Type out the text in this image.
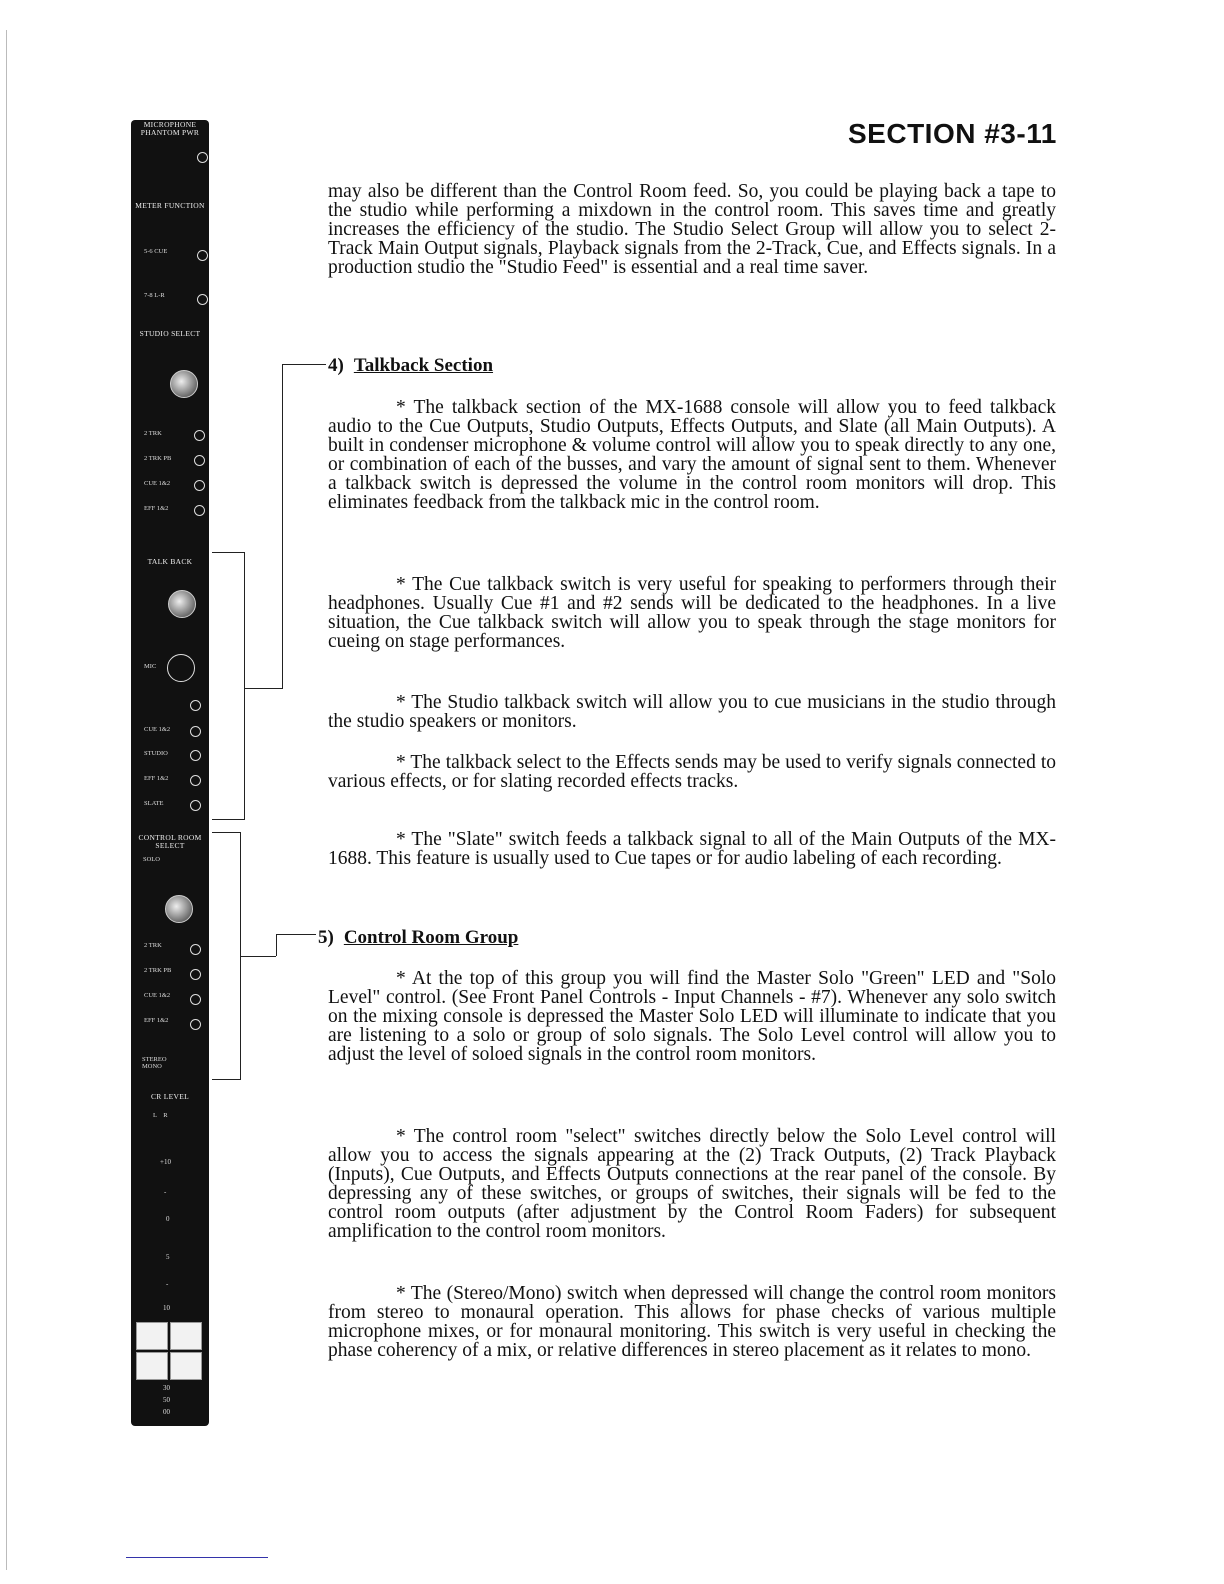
SECTION #3-11
MICROPHONE PHANTOM PWR
METER FUNCTION
5-6 CUE
7-8 L-R
STUDIO SELECT
2 TRK
2 TRK PB
CUE 1&2
EFF 1&2
TALK BACK
MIC
CUE 1&2
STUDIO
EFF 1&2
SLATE
CONTROL ROOM SELECT
SOLO
2 TRK
2 TRK PB
CUE 1&2
EFF 1&2
STEREO MONO
CR LEVEL
L    R
+10
-
0
5
-
10
30
50
00

may also be different than the Control Room feed. So, you could be playing back a tape to the studio while performing a mixdown in the control room. This saves time and greatly increases the efficiency of the studio. The Studio Select Group will allow you to select 2-Track Main Output signals, Playback signals from the 2-Track, Cue, and Effects signals. In a production studio the "Studio Feed" is essential and a real time saver.

4) Talkback Section

* The talkback section of the MX-1688 console will allow you to feed talkback audio to the Cue Outputs, Studio Outputs, Effects Outputs, and Slate (all Main Outputs). A built in condenser microphone & volume control will allow you to speak directly to any one, or combination of each of the busses, and vary the amount of signal sent to them. Whenever a talkback switch is depressed the volume in the control room monitors will drop. This eliminates feedback from the talkback mic in the control room.

* The Cue talkback switch is very useful for speaking to performers through their headphones. Usually Cue #1 and #2 sends will be dedicated to the headphones. In a live situation, the Cue talkback switch will allow you to speak through the stage monitors for cueing on stage performances.

* The Studio talkback switch will allow you to cue musicians in the studio through the studio speakers or monitors.

* The talkback select to the Effects sends may be used to verify signals connected to various effects, or for slating recorded effects tracks.

* The "Slate" switch feeds a talkback signal to all of the Main Outputs of the MX-1688. This feature is usually used to Cue tapes or for audio labeling of each recording.

5) Control Room Group

* At the top of this group you will find the Master Solo "Green" LED and "Solo Level" control. (See Front Panel Controls - Input Channels - #7). Whenever any solo switch on the mixing console is depressed the Master Solo LED will illuminate to indicate that you are listening to a solo or group of solo signals. The Solo Level control will allow you to adjust the level of soloed signals in the control room monitors.

* The control room "select" switches directly below the Solo Level control will allow you to access the signals appearing at the (2) Track Outputs, (2) Track Playback (Inputs), Cue Outputs, and Effects Outputs connections at the rear panel of the console. By depressing any of these switches, or groups of switches, their signals will be fed to the control room outputs (after adjustment by the Control Room Faders) for subsequent amplification to the control room monitors.

* The (Stereo/Mono) switch when depressed will change the control room monitors from stereo to monaural operation. This allows for phase checks of various multiple microphone mixes, or for monaural monitoring. This switch is very useful in checking the phase coherency of a mix, or relative differences in stereo placement as it relates to mono.
